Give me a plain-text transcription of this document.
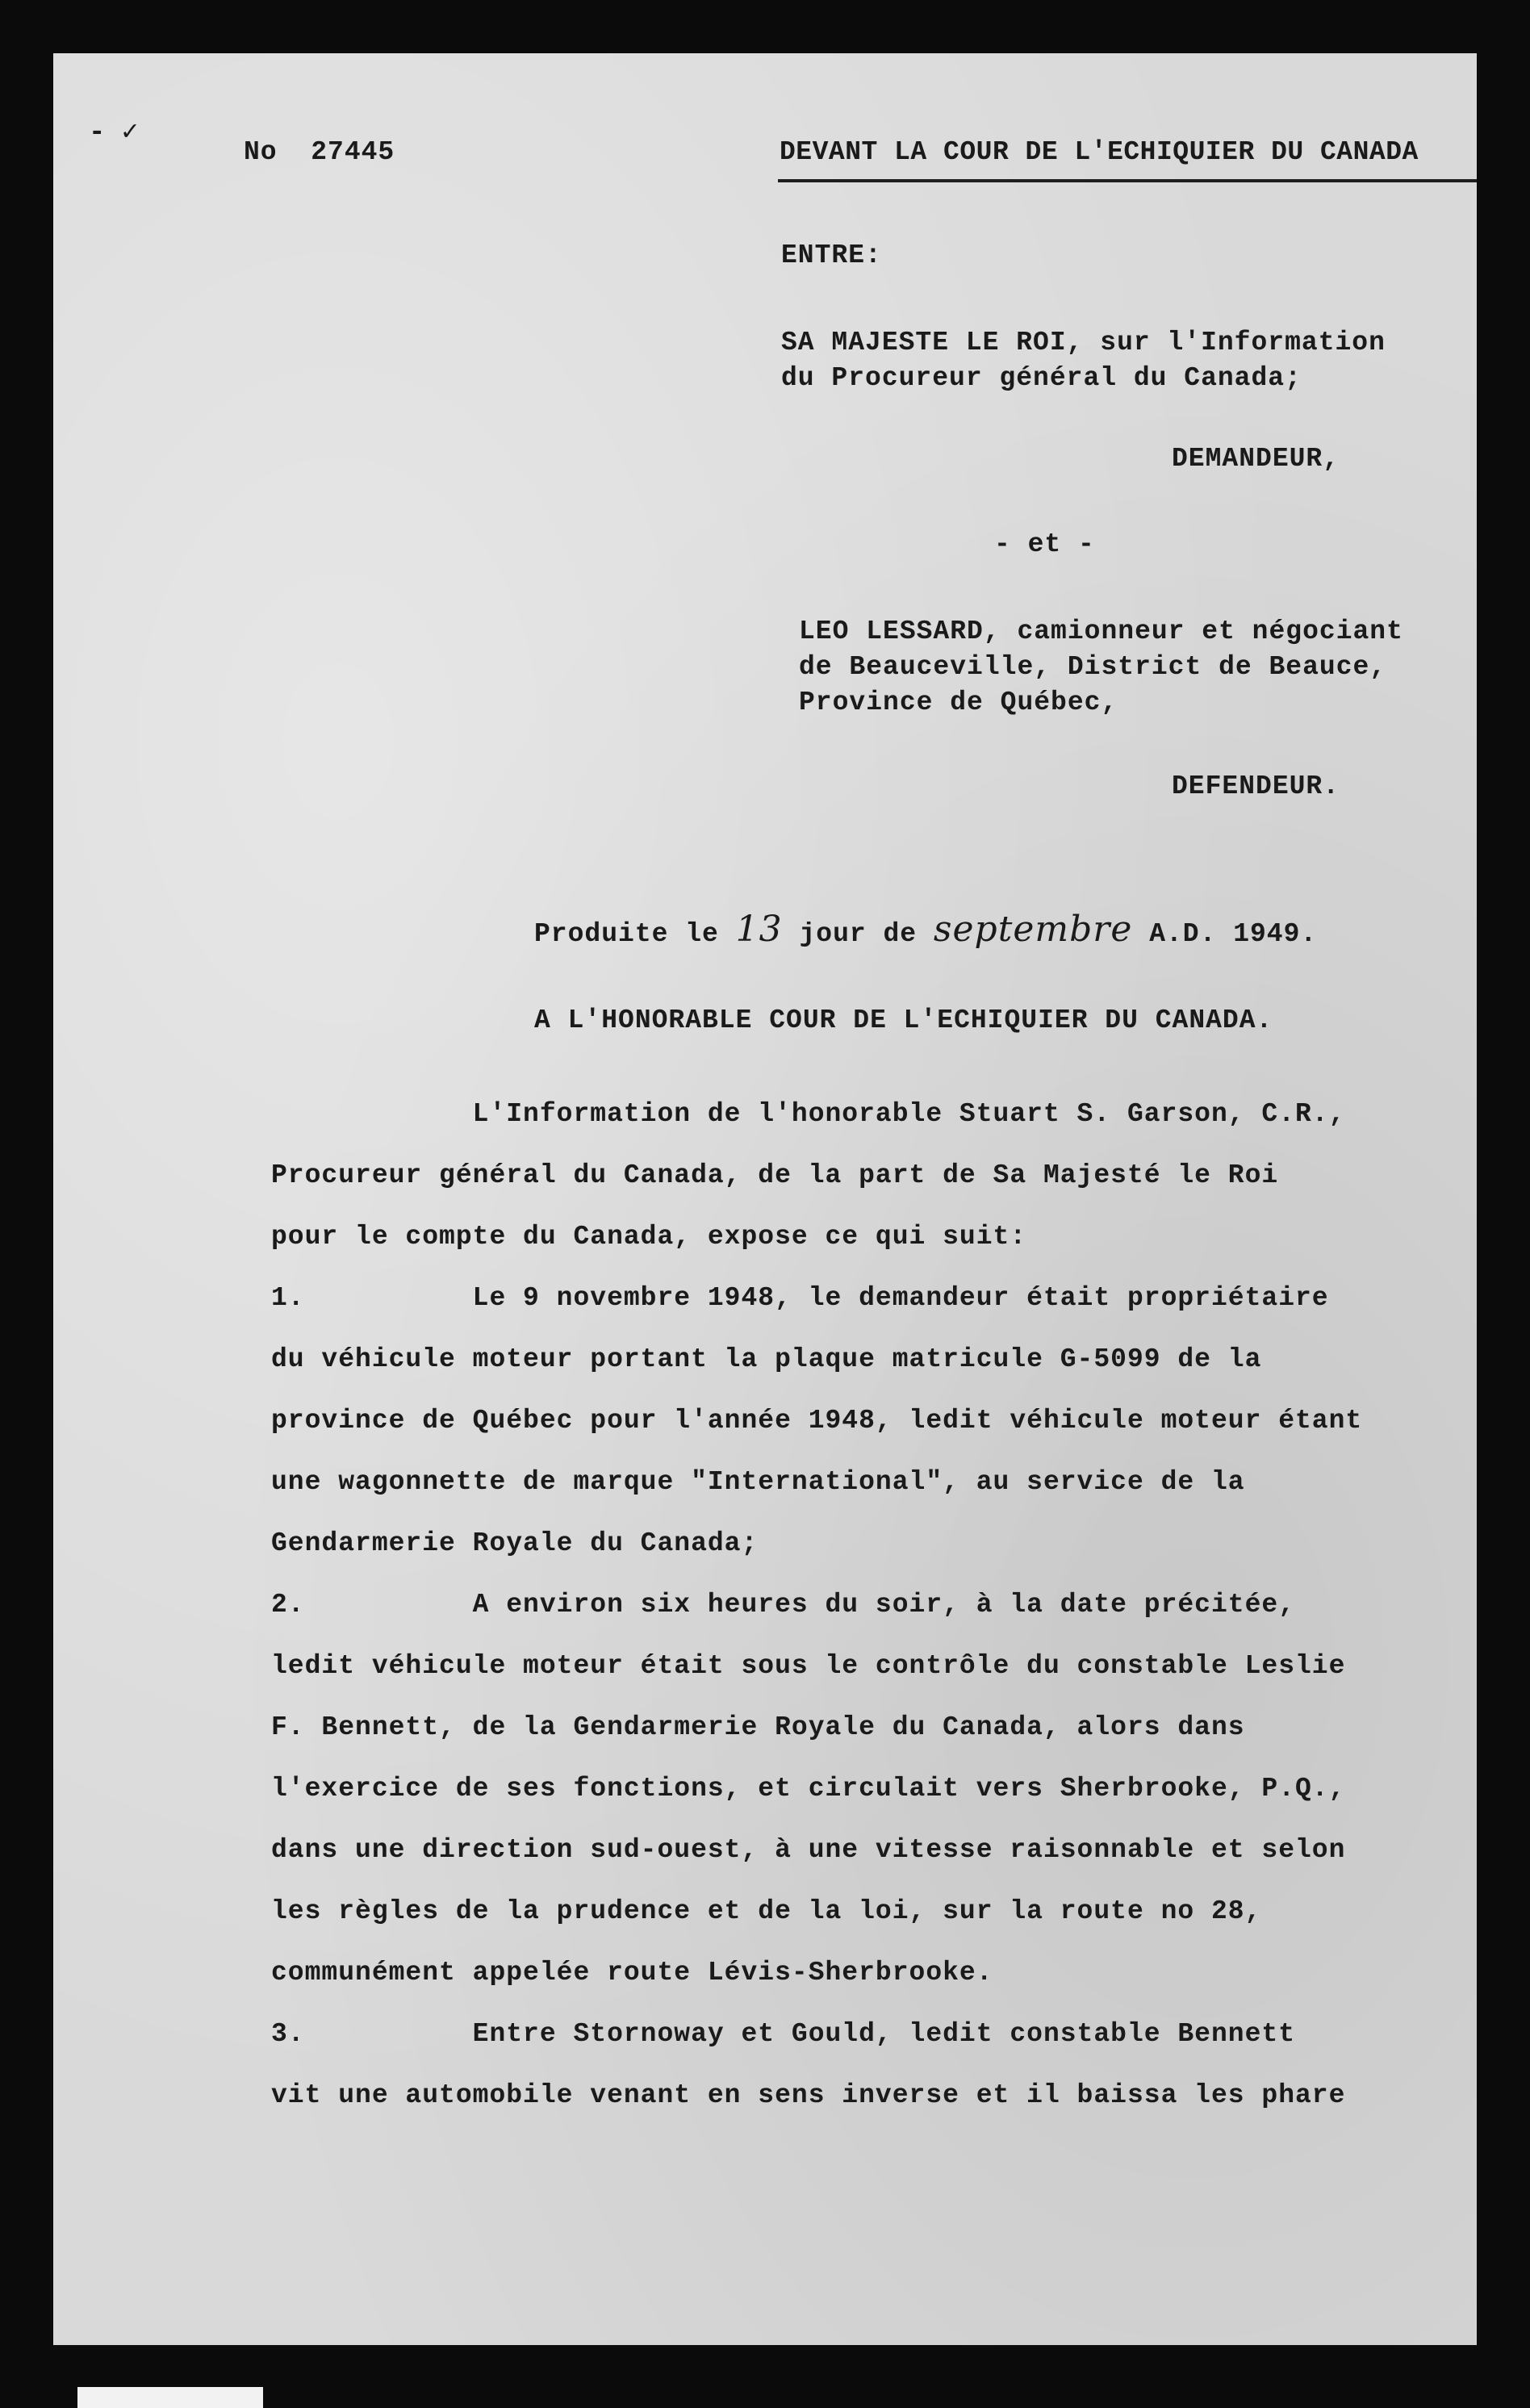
- ✓
No  27445	DEVANT LA COUR DE L'ECHIQUIER DU CANADA
ENTRE:
SA MAJESTE LE ROI, sur l'Information
du Procureur général du Canada;
DEMANDEUR,
- et -
LEO LESSARD, camionneur et négociant
de Beauceville, District de Beauce,
Province de Québec,
DEFENDEUR.
Produite le 13 jour de septembre A.D. 1949.
A L'HONORABLE COUR DE L'ECHIQUIER DU CANADA.
L'Information de l'honorable Stuart S. Garson, C.R.,
Procureur général du Canada, de la part de Sa Majesté le Roi
pour le compte du Canada, expose ce qui suit:
1.          Le 9 novembre 1948, le demandeur était propriétaire
du véhicule moteur portant la plaque matricule G-5099 de la
province de Québec pour l'année 1948, ledit véhicule moteur étant
une wagonnette de marque "International", au service de la
Gendarmerie Royale du Canada;
2.          A environ six heures du soir, à la date précitée,
ledit véhicule moteur était sous le contrôle du constable Leslie
F. Bennett, de la Gendarmerie Royale du Canada, alors dans
l'exercice de ses fonctions, et circulait vers Sherbrooke, P.Q.,
dans une direction sud-ouest, à une vitesse raisonnable et selon
les règles de la prudence et de la loi, sur la route no 28,
communément appelée route Lévis-Sherbrooke.
3.          Entre Stornoway et Gould, ledit constable Bennett
vit une automobile venant en sens inverse et il baissa les phare
